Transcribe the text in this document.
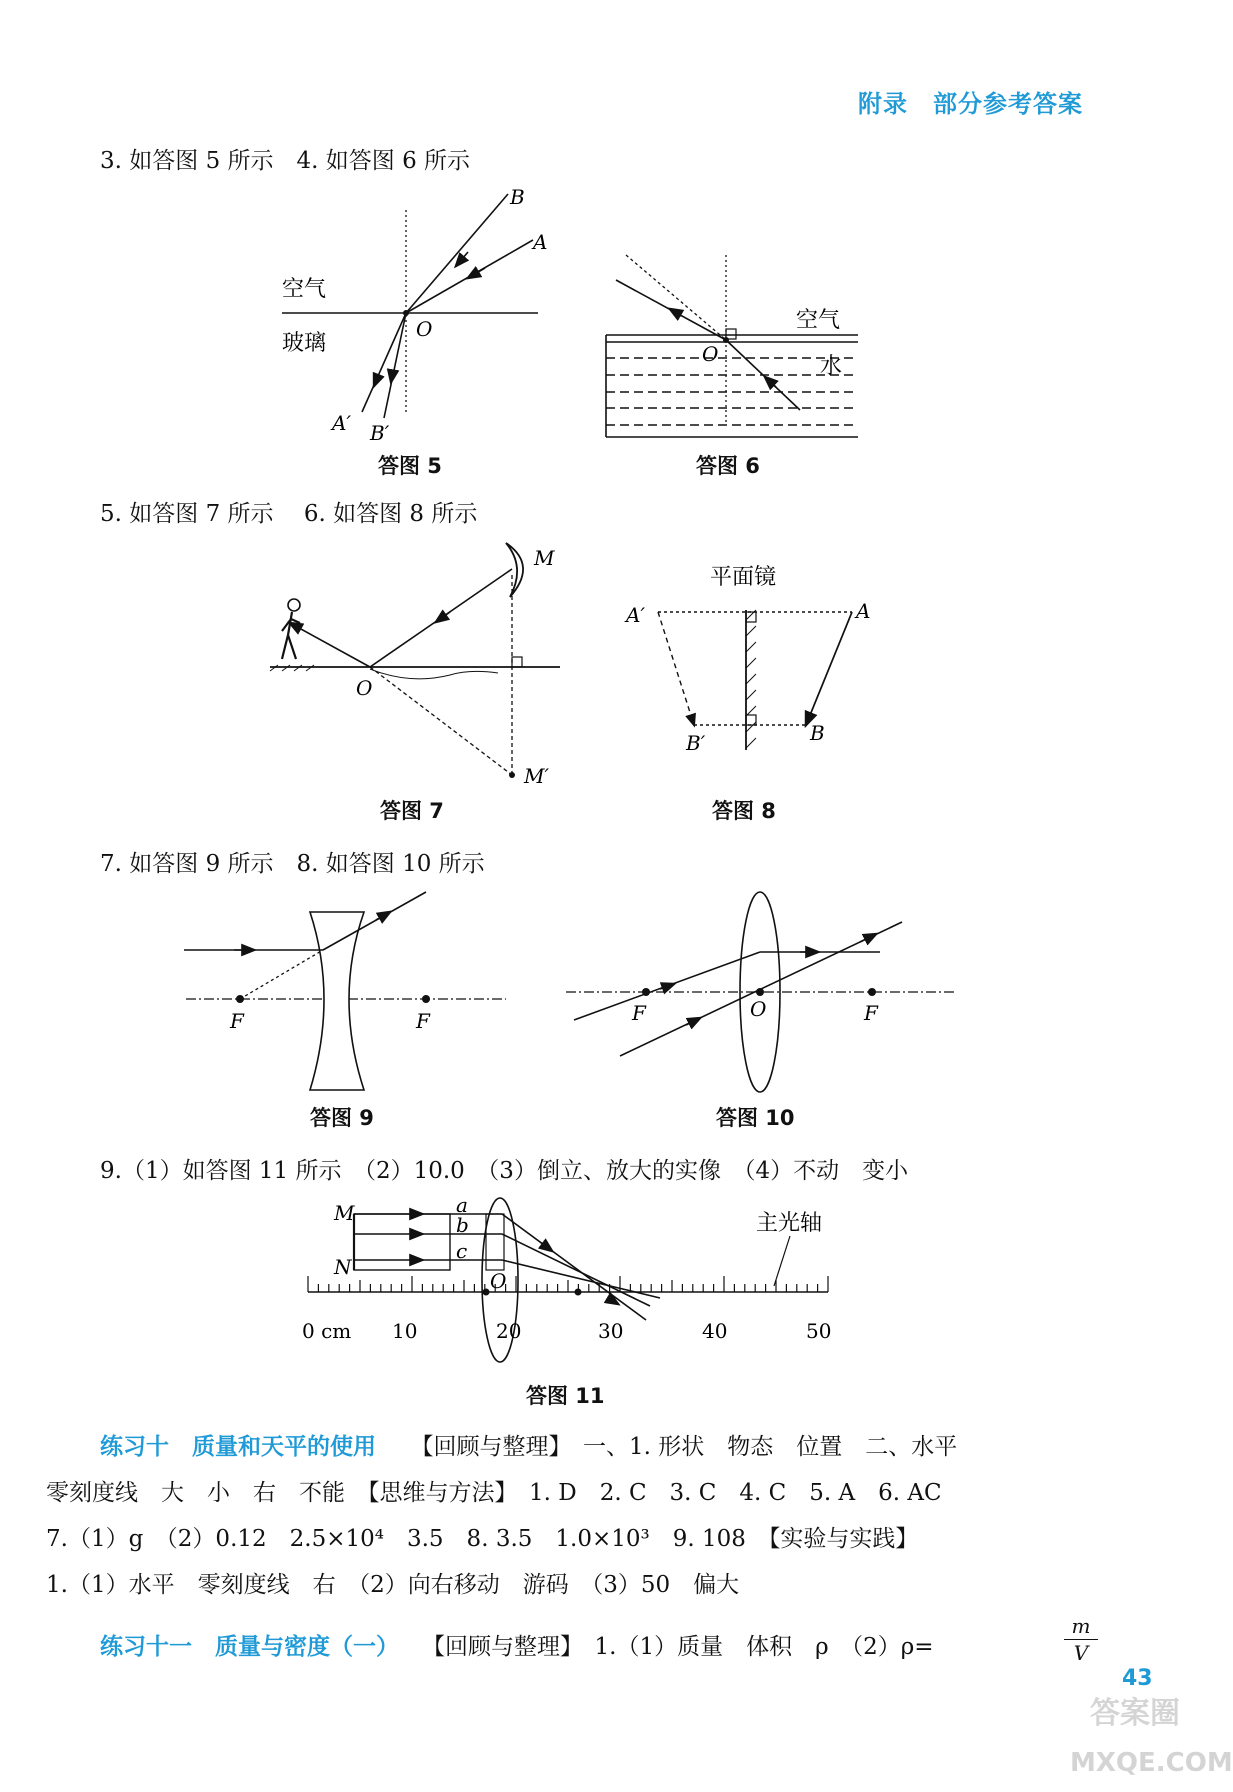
附录　部分参考答案
3. 如答图 5 所示　4. 如答图 6 所示
B
A
O
A′ B′
空气
玻璃
答图 5
O
空气
水
答图 6
5. 如答图 7 所示　 6. 如答图 8 所示
M
O
M′
答图 7
平面镜
A′	A
B′	B
答图 8
7. 如答图 9 所示　8. 如答图 10 所示
F	F
答图 9
F	O	F
答图 10
9.（1）如答图 11 所示　（2）10.0　（3）倒立、放大的实像　（4）不动　变小
M
N
a
b
c
O
主光轴
0 cm 10	20	30	40	50
答图 11
练习十　质量和天平的使用　　 【回顾与整理】　一、1. 形状　物态　位置　二、水平
零刻度线　大　小　右　不能　【思维与方法】　1. D　2. C　3. C　4. C　5. A　6. AC
7.（1）g　（2）0.12　2.5×10⁴　3.5　8. 3.5　1.0×10³　9. 108　【实验与实践】
1.（1）水平　零刻度线　右　（2）向右移动　游码　（3）50　偏大
练习十一　质量与密度（一）　　 【回顾与整理】　1.（1）质量　体积　ρ　（2）ρ=
m
V
43
答案圈
MXQE.COM
